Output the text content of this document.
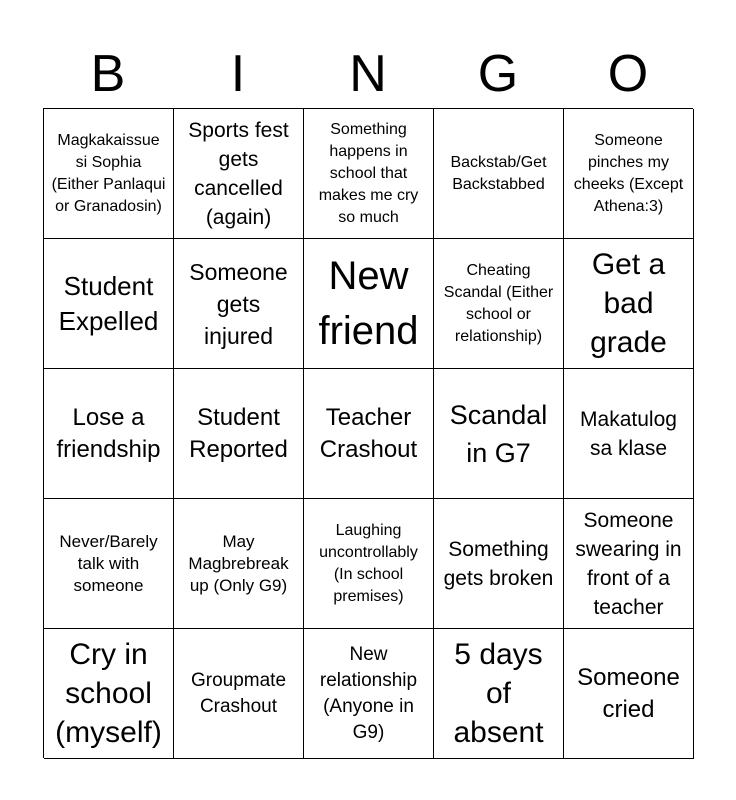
B	I	N	G	O
Magkakaissue si Sophia (Either Panlaqui or Granadosin)
Sports fest gets cancelled (again)
Something happens in school that makes me cry so much
Backstab/Get Backstabbed
Someone pinches my cheeks (Except Athena:3)
Student Expelled
Someone gets injured
New friend
Cheating Scandal (Either school or relationship)
Get a bad grade
Lose a friendship
Student Reported
Teacher Crashout
Scandal in G7
Makatulog sa klase
Never/Barely talk with someone
May Magbrebreak up (Only G9)
Laughing uncontrollably (In school premises)
Something gets broken
Someone swearing in front of a teacher
Cry in school (myself)
Groupmate Crashout
New relationship (Anyone in G9)
5 days of absent
Someone cried
